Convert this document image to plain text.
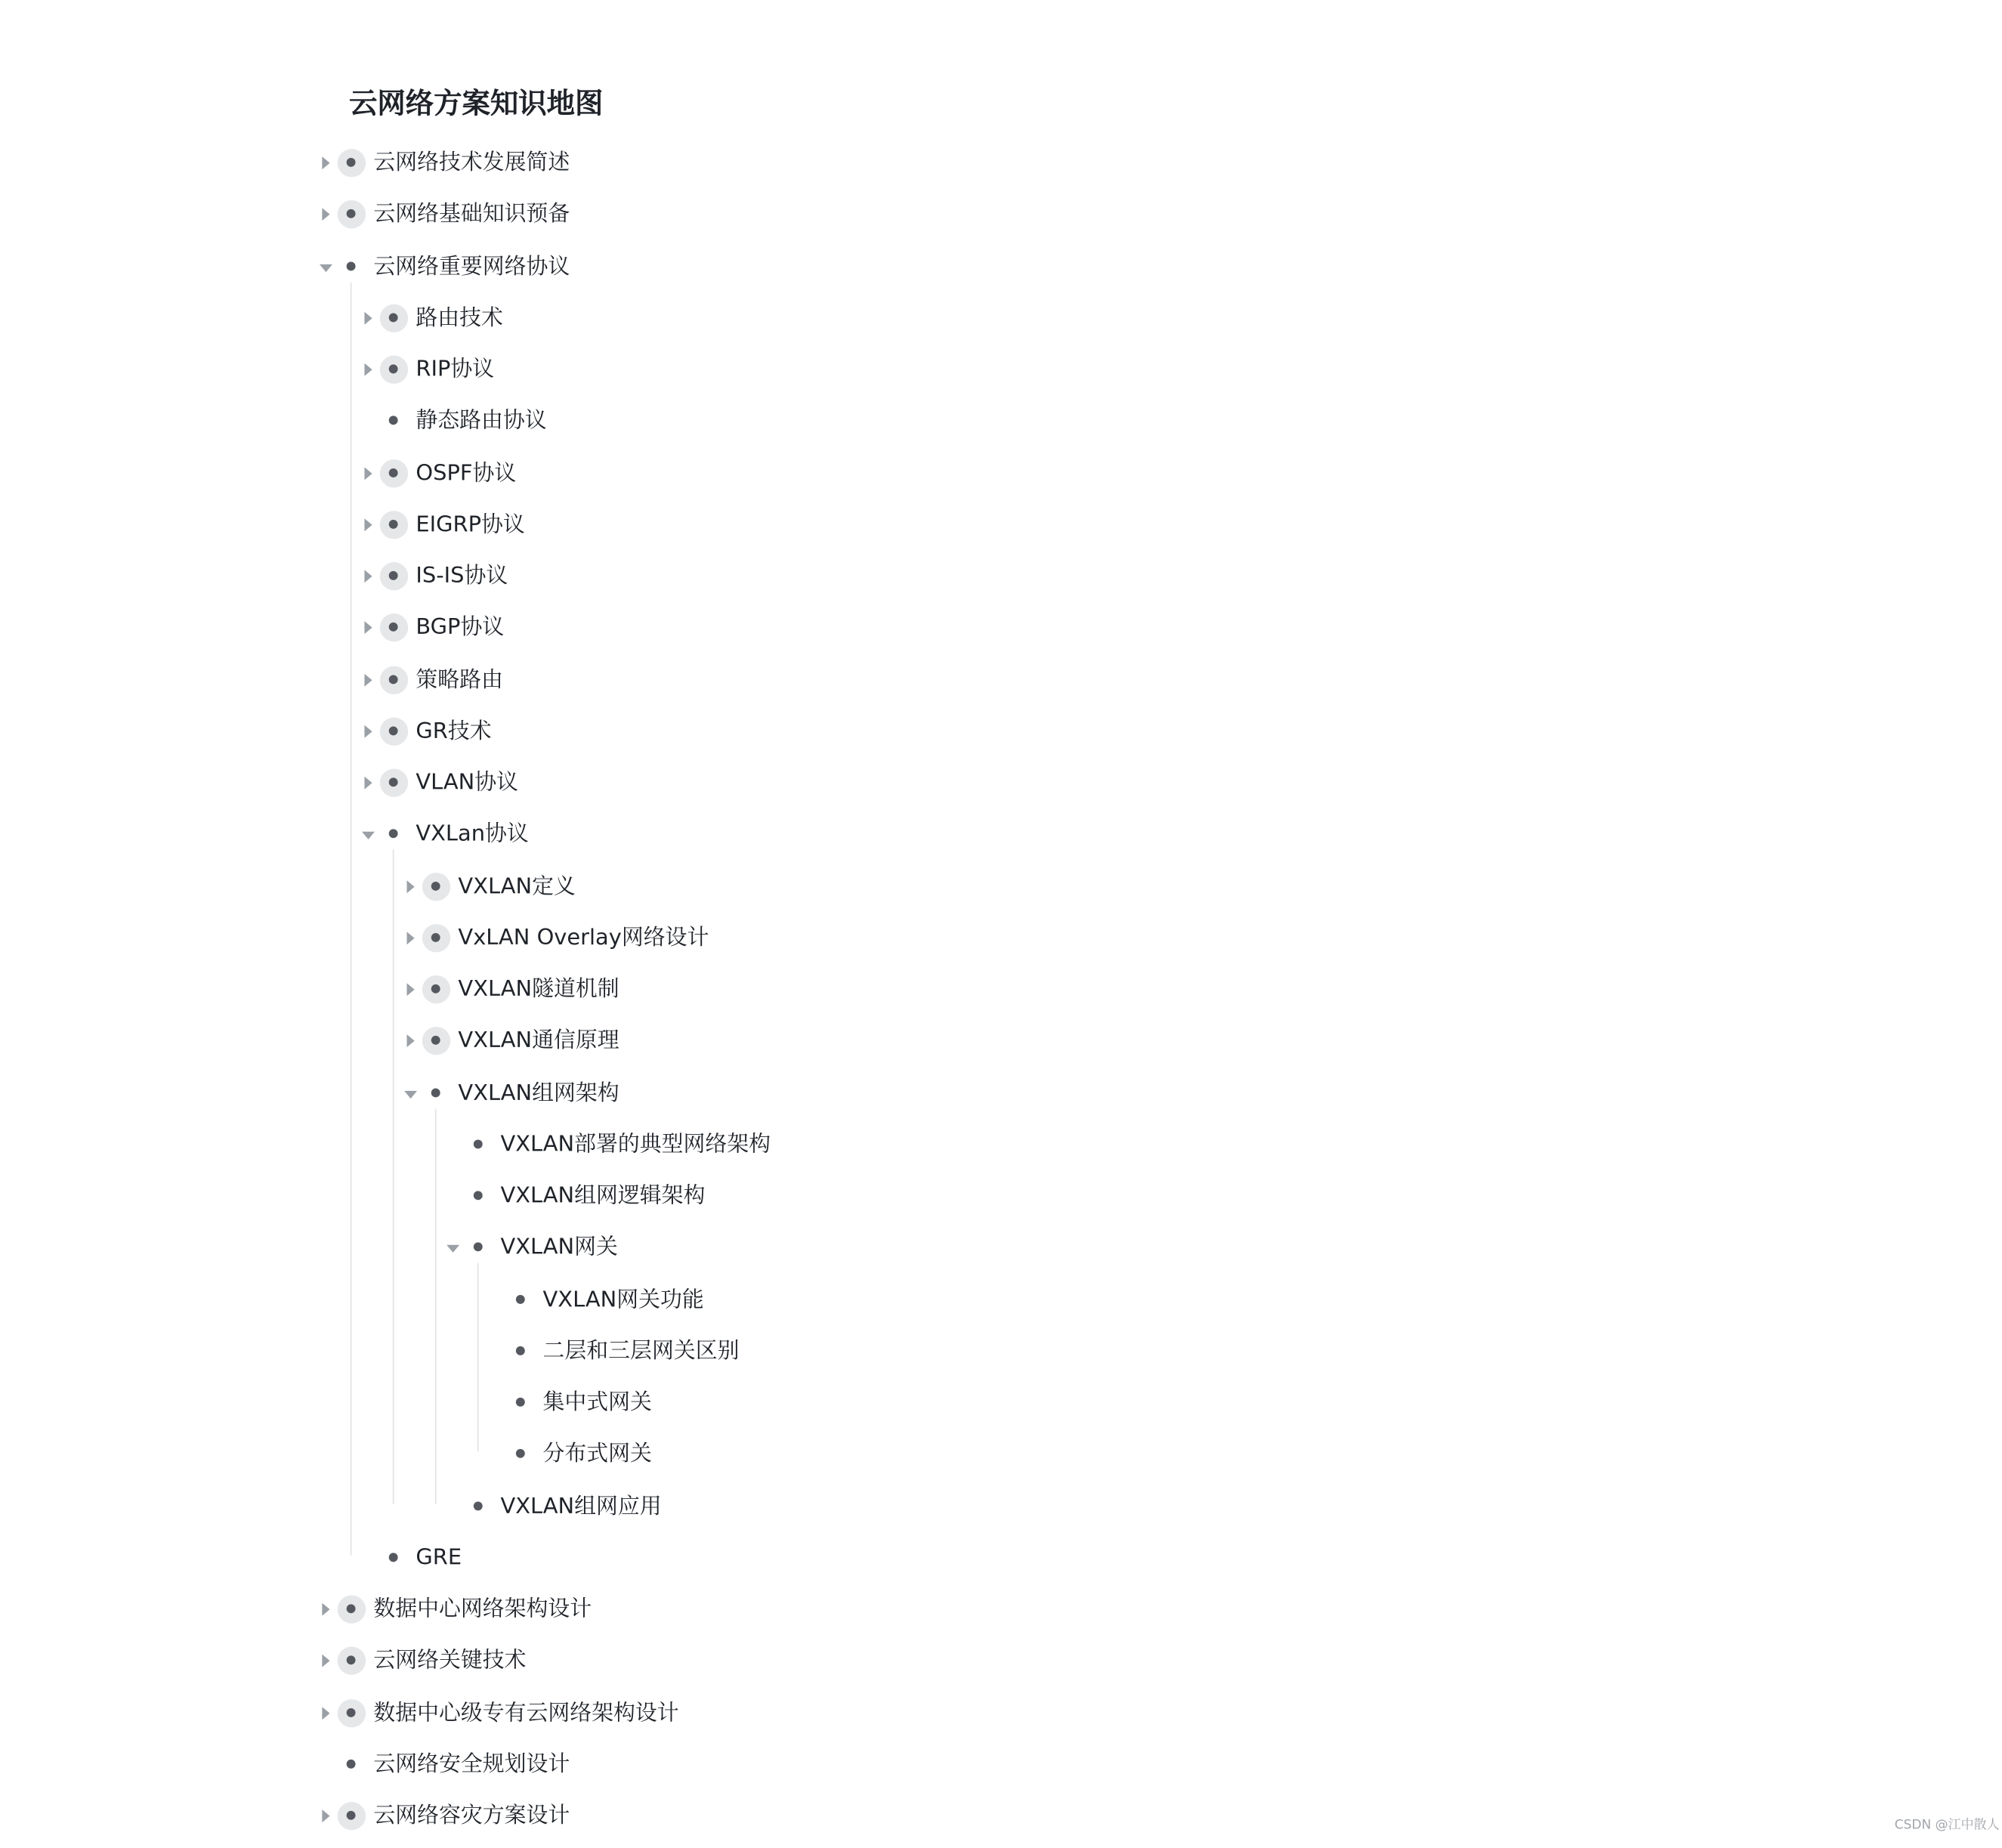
云网络方案知识地图
云网络技术发展简述
云网络基础知识预备
云网络重要网络协议
路由技术
RIP协议
静态路由协议
OSPF协议
EIGRP协议
IS-IS协议
BGP协议
策略路由
GR技术
VLAN协议
VXLan协议
VXLAN定义
VxLAN Overlay网络设计
VXLAN隧道机制
VXLAN通信原理
VXLAN组网架构
VXLAN部署的典型网络架构
VXLAN组网逻辑架构
VXLAN网关
VXLAN网关功能
二层和三层网关区别
集中式网关
分布式网关
VXLAN组网应用
GRE
数据中心网络架构设计
云网络关键技术
数据中心级专有云网络架构设计
云网络安全规划设计
云网络容灾方案设计	CSDN @江中散人
